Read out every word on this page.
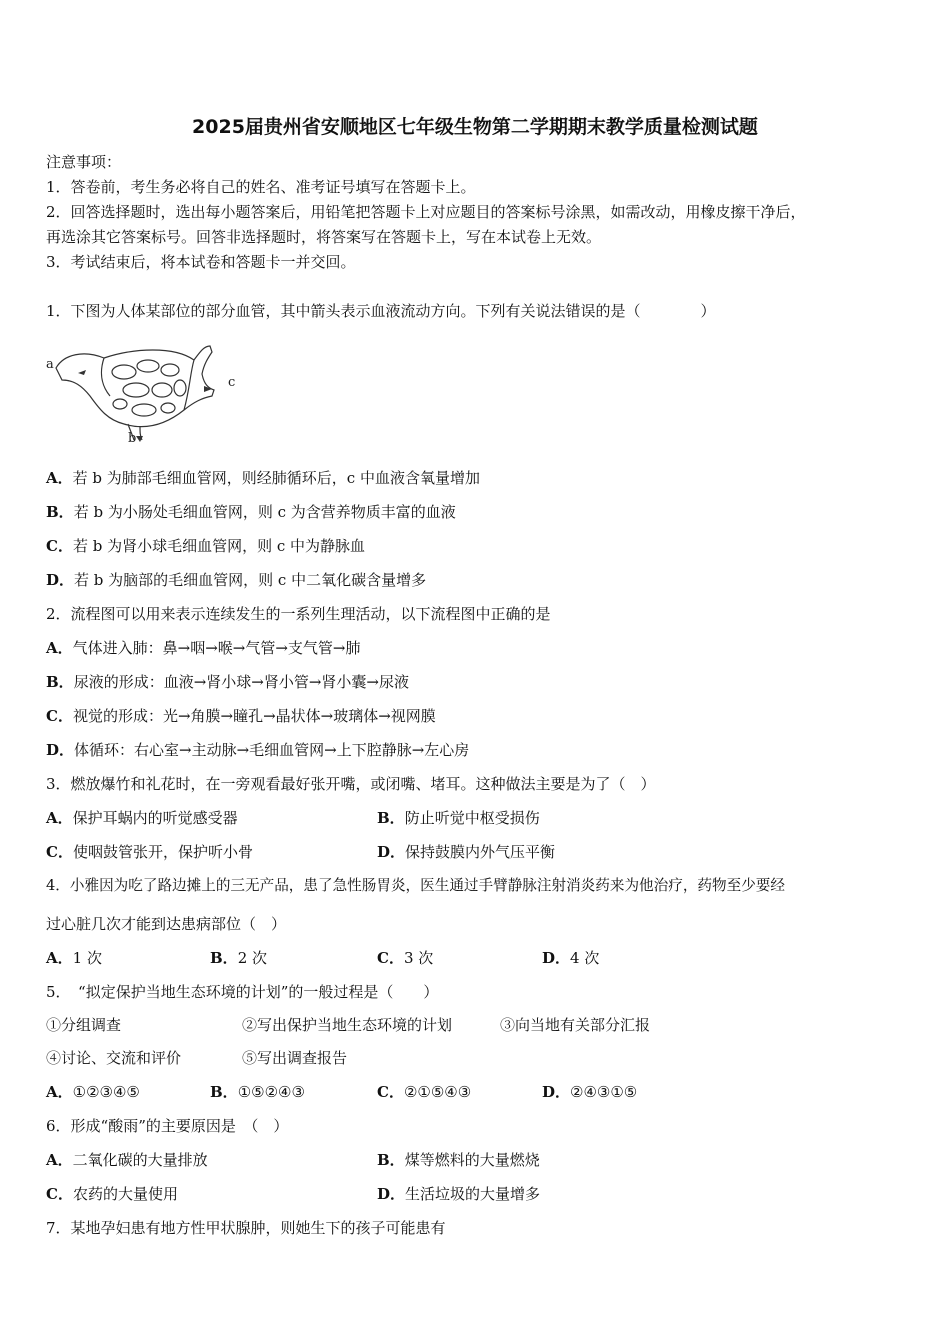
2025届贵州省安顺地区七年级生物第二学期期末教学质量检测试题
注意事项：
1．答卷前，考生务必将自己的姓名、准考证号填写在答题卡上。
2．回答选择题时，选出每小题答案后，用铅笔把答题卡上对应题目的答案标号涂黑，如需改动，用橡皮擦干净后，
再选涂其它答案标号。回答非选择题时，将答案写在答题卡上，写在本试卷上无效。
3．考试结束后，将本试卷和答题卡一并交回。
1．下图为人体某部位的部分血管，其中箭头表示血液流动方向。下列有关说法错误的是（　　　　）
a
c
b
A．若 b 为肺部毛细血管网，则经肺循环后，c 中血液含氧量增加
B．若 b 为小肠处毛细血管网，则 c 为含营养物质丰富的血液
C．若 b 为肾小球毛细血管网，则 c 中为静脉血
D．若 b 为脑部的毛细血管网，则 c 中二氧化碳含量增多
2．流程图可以用来表示连续发生的一系列生理活动，以下流程图中正确的是
A．气体进入肺：鼻→咽→喉→气管→支气管→肺
B．尿液的形成：血液→肾小球→肾小管→肾小囊→尿液
C．视觉的形成：光→角膜→瞳孔→晶状体→玻璃体→视网膜
D．体循环：右心室→主动脉→毛细血管网→上下腔静脉→左心房
3．燃放爆竹和礼花时，在一旁观看最好张开嘴，或闭嘴、堵耳。这种做法主要是为了（　）
A．保护耳蜗内的听觉感受器	B．防止听觉中枢受损伤
C．使咽鼓管张开，保护听小骨	D．保持鼓膜内外气压平衡
4．小雅因为吃了路边摊上的三无产品，患了急性肠胃炎，医生通过手臂静脉注射消炎药来为他治疗，药物至少要经
过心脏几次才能到达患病部位（　）
A．1 次	B．2 次	C．3 次	D．4 次
5．　“拟定保护当地生态环境的计划”的一般过程是（　　）
①分组调查	②写出保护当地生态环境的计划	③向当地有关部分汇报
④讨论、交流和评价	⑤写出调查报告
A．①②③④⑤	B．①⑤②④③	C．②①⑤④③	D．②④③①⑤
6．形成“酸雨”的主要原因是　（　）
A．二氧化碳的大量排放	B．煤等燃料的大量燃烧
C．农药的大量使用	D．生活垃圾的大量增多
7．某地孕妇患有地方性甲状腺肿，则她生下的孩子可能患有
